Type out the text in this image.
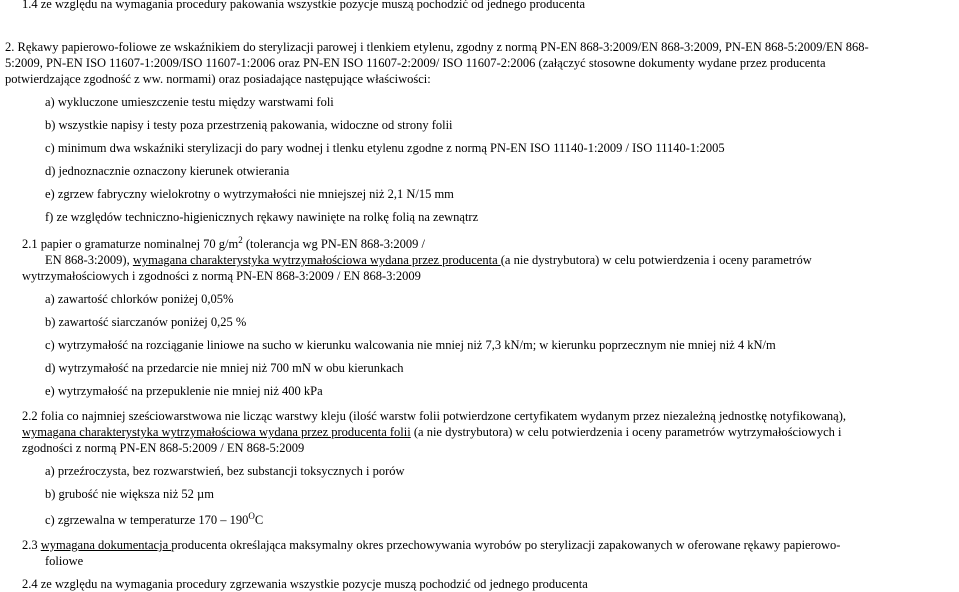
1.4 ze względu na wymagania procedury pakowania wszystkie pozycje muszą pochodzić od jednego producenta
2. Rękawy papierowo-foliowe ze wskaźnikiem do sterylizacji parowej i tlenkiem etylenu, zgodny z normą PN-EN 868-3:2009/EN 868-3:2009, PN-EN 868-5:2009/EN 868-
5:2009, PN-EN ISO 11607-1:2009/ISO 11607-1:2006 oraz PN-EN ISO 11607-2:2009/ ISO 11607-2:2006 (załączyć stosowne dokumenty wydane przez producenta
potwierdzające zgodność z ww. normami) oraz posiadające następujące właściwości:
a) wykluczone umieszczenie testu między warstwami foli
b) wszystkie napisy i testy poza przestrzenią pakowania, widoczne od strony folii
c) minimum dwa wskaźniki sterylizacji do pary wodnej i tlenku etylenu zgodne z normą PN-EN ISO 11140-1:2009 / ISO 11140-1:2005
d) jednoznacznie oznaczony kierunek otwierania
e) zgrzew fabryczny wielokrotny o wytrzymałości nie mniejszej niż 2,1 N/15 mm
f) ze względów techniczno-higienicznych rękawy nawinięte na rolkę folią na zewnątrz
2.1 papier o gramaturze nominalnej 70 $g/m^2$ (tolerancja wg PN-EN 868-3:2009 /
EN 868-3:2009), wymagana charakterystyka wytrzymałościowa wydana przez producenta (a nie dystrybutora) w celu potwierdzenia i oceny parametrów
wytrzymałościowych i zgodności z normą PN-EN 868-3:2009 / EN 868-3:2009
a) zawartość chlorków poniżej 0,05%
b) zawartość siarczanów poniżej 0,25 %
c) wytrzymałość na rozciąganie liniowe na sucho w kierunku walcowania nie mniej niż 7,3 kN/m; w kierunku poprzecznym nie mniej niż 4 kN/m
d) wytrzymałość na przedarcie nie mniej niż 700 mN w obu kierunkach
e) wytrzymałość na przepuklenie nie mniej niż 400 kPa
2.2 folia co najmniej sześciowarstwowa nie licząc warstwy kleju (ilość warstw folii potwierdzone certyfikatem wydanym przez niezależną jednostkę notyfikowaną),
wymagana charakterystyka wytrzymałościowa wydana przez producenta folii (a nie dystrybutora) w celu potwierdzenia i oceny parametrów wytrzymałościowych i
zgodności z normą PN-EN 868-5:2009 / EN 868-5:2009
a) przeźroczysta, bez rozwarstwień, bez substancji toksycznych i porów
b) grubość nie większa niż 52 µm
c) zgrzewalna w temperaturze $170 - 190^OC$
2.3 wymagana dokumentacja producenta określająca maksymalny okres przechowywania wyrobów po sterylizacji zapakowanych w oferowane rękawy papierowo-
foliowe
2.4 ze względu na wymagania procedury zgrzewania wszystkie pozycje muszą pochodzić od jednego producenta
